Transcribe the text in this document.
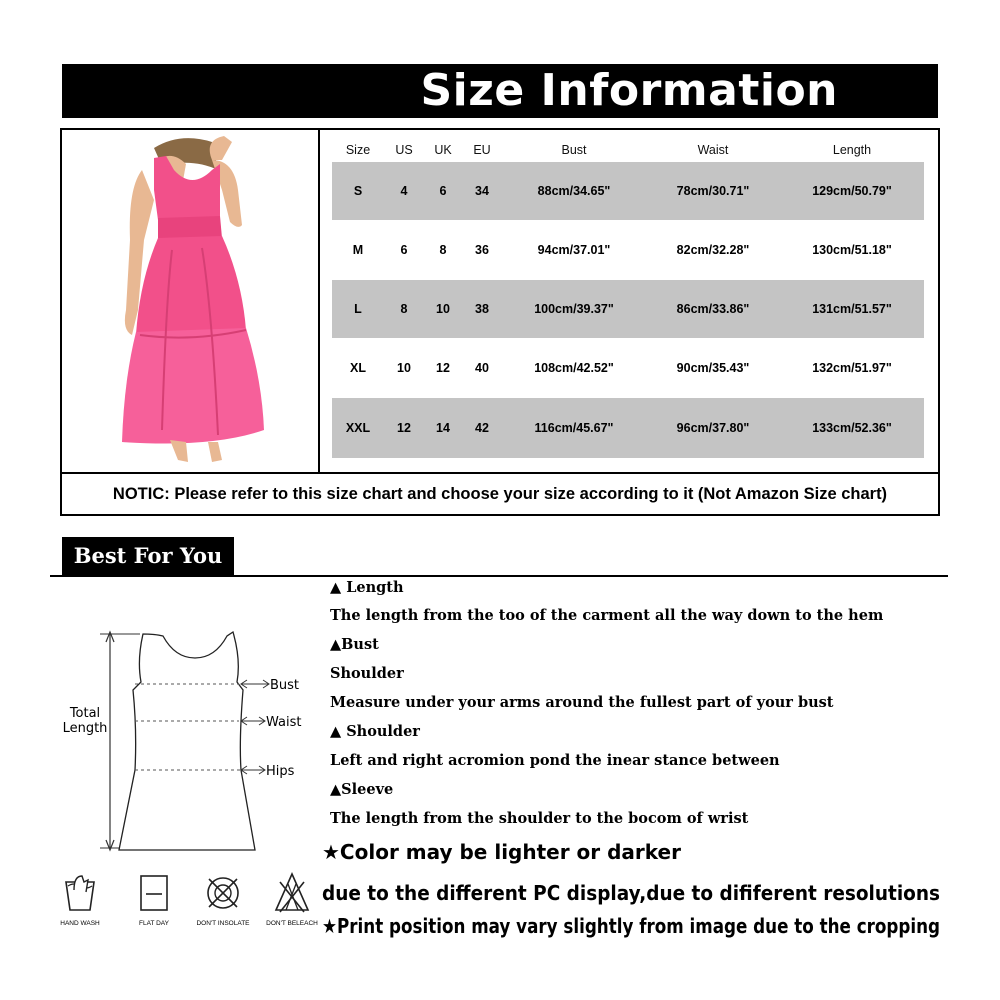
Size Information
Size	US	UK	EU	Bust	Waist	Length
S	4	6	34	88cm/34.65"	78cm/30.71"	129cm/50.79"
M	6	8	36	94cm/37.01"	82cm/32.28"	130cm/51.18"
L	8	10	38	100cm/39.37"	86cm/33.86"	131cm/51.57"
XL	10	12	40	108cm/42.52"	90cm/35.43"	132cm/51.97"
XXL	12	14	42	116cm/45.67"	96cm/37.80"	133cm/52.36"
NOTIC: Please refer to this size chart and choose your size according to it (Not Amazon Size chart)
Best For You
Total
Length
Bust
Waist
Hips
HAND WASH	FLAT DAY	DON'T INSOLATE	DON'T BELEACH
▲ Length
The length from the too of the carment all the way down to the hem
▲Bust
Shoulder
Measure under your arms around the fullest part of your bust
▲ Shoulder
Left and right acromion pond the inear stance between
▲Sleeve
The length from the shoulder to the bocom of wrist
★Color may be lighter or darker
due to the different PC display,due to dififerent resolutions
★Print position may vary slightly from image due to the cropping
